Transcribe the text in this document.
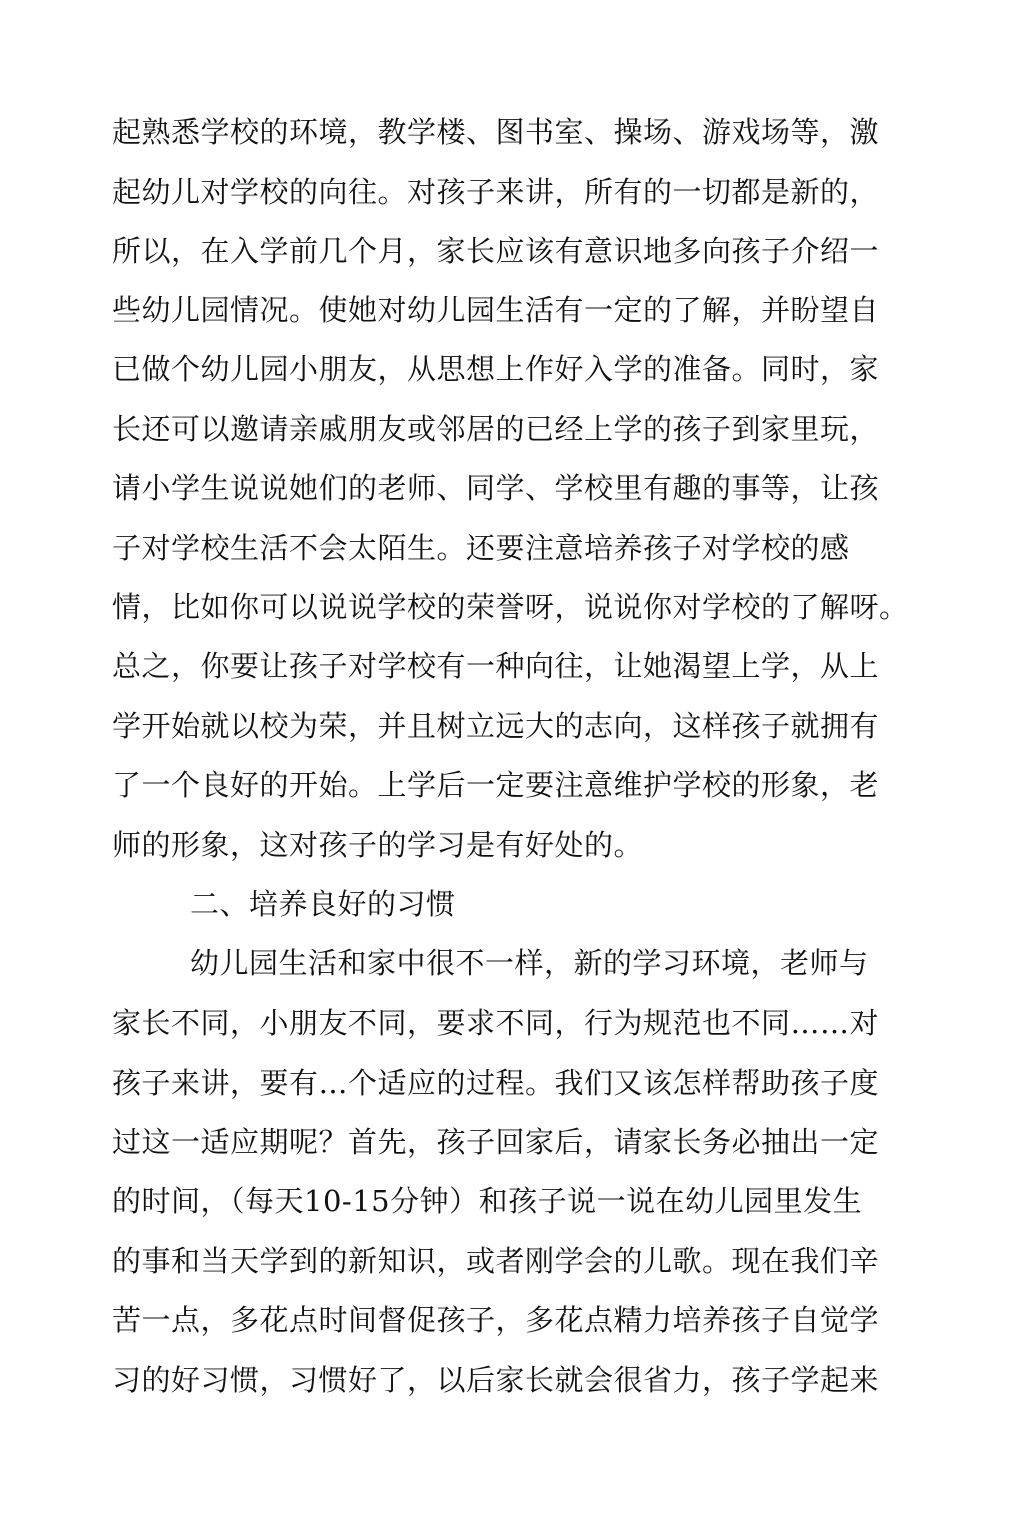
起熟悉学校的环境，教学楼、图书室、操场、游戏场等，激
起幼儿对学校的向往。对孩子来讲，所有的一切都是新的，
所以，在入学前几个月，家长应该有意识地多向孩子介绍一
些幼儿园情况。使她对幼儿园生活有一定的了解，并盼望自
已做个幼儿园小朋友，从思想上作好入学的准备。同时，家
长还可以邀请亲戚朋友或邻居的已经上学的孩子到家里玩，
请小学生说说她们的老师、同学、学校里有趣的事等，让孩
子对学校生活不会太陌生。还要注意培养孩子对学校的感
情，比如你可以说说学校的荣誉呀，说说你对学校的了解呀。
总之，你要让孩子对学校有一种向往，让她渴望上学，从上
学开始就以校为荣，并且树立远大的志向，这样孩子就拥有
了一个良好的开始。上学后一定要注意维护学校的形象，老
师的形象，这对孩子的学习是有好处的。
二、培养良好的习惯
幼儿园生活和家中很不一样，新的学习环境，老师与
家长不同，小朋友不同，要求不同，行为规范也不同……对
孩子来讲，要有…个适应的过程。我们又该怎样帮助孩子度
过这一适应期呢？首先，孩子回家后，请家长务必抽出一定
的时间，（每天10-15分钟）和孩子说一说在幼儿园里发生
的事和当天学到的新知识，或者刚学会的儿歌。现在我们辛
苦一点，多花点时间督促孩子，多花点精力培养孩子自觉学
习的好习惯，习惯好了，以后家长就会很省力，孩子学起来
